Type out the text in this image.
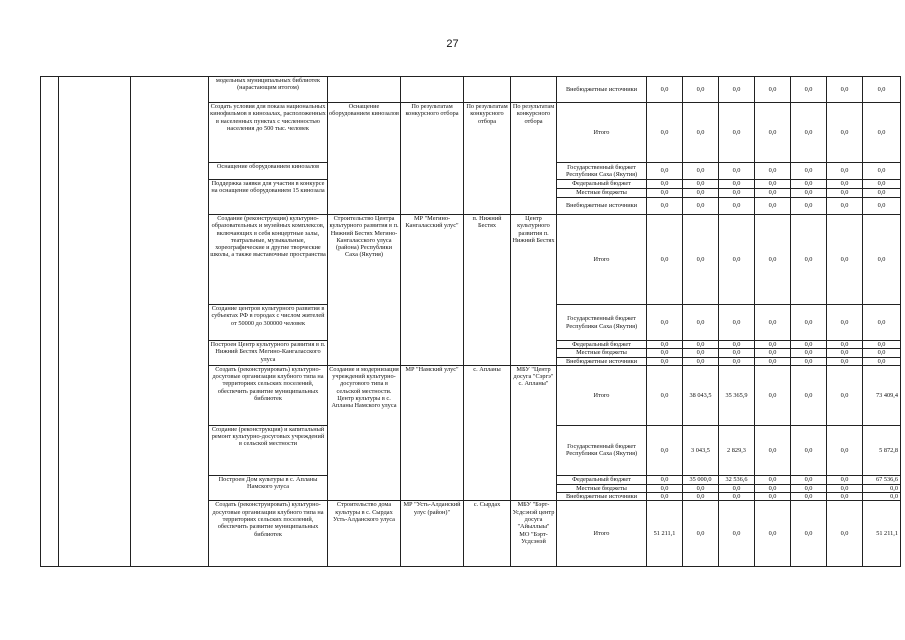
27
			модельных муниципальных библиотек (нарастающим итогом)					Внебюджетные источники	0,0	0,0	0,0	0,0	0,0	0,0	0,0
			Создать условия для показа национальных кинофильмов в кинозалах, расположенных в населенных пунктах с численностью населения до 500 тыс. человек	Оснащение оборудованием кинозалов	По результатам конкурсного отбора	По результатам конкурсного отбора	По результатам конкурсного отбора	Итого	0,0	0,0	0,0	0,0	0,0	0,0	0,0
			Оснащение оборудованием кинозалов					Государственный бюджет Республики Саха (Якутия)	0,0	0,0	0,0	0,0	0,0	0,0	0,0
			Поддержка заявки для участия в конкурсе на оснащение оборудованием 15 кинозала					Федеральный бюджет	0,0	0,0	0,0	0,0	0,0	0,0	0,0
								Местные бюджеты	0,0	0,0	0,0	0,0	0,0	0,0	0,0
								Внебюджетные источники	0,0	0,0	0,0	0,0	0,0	0,0	0,0
			Создание (реконструкция) культурно-образовательных и музейных комплексов, включающих в себя концертные залы, театральные, музыкальные, хореографические и другие творческие школы, а также выставочные пространства	Строительство Центра культурного развития в п. Нижний Бестях Мегино-Кангаласского улуса (района) Республики Саха (Якутия)	МР "Мегино-Кангаласский улус"	п. Нижний Бестях	Центр культурного развития п. Нижний Бестях	Итого	0,0	0,0	0,0	0,0	0,0	0,0	0,0
			Создание центров культурного развития в субъектах РФ в городах с числом жителей от 50000 до 300000 человек					Государственный бюджет Республики Саха (Якутия)	0,0	0,0	0,0	0,0	0,0	0,0	0,0
			Построен Центр культурного развития в п. Нижний Бестях Мегино-Кангаласского улуса					Федеральный бюджет	0,0	0,0	0,0	0,0	0,0	0,0	0,0
								Местные бюджеты	0,0	0,0	0,0	0,0	0,0	0,0	0,0
								Внебюджетные источники	0,0	0,0	0,0	0,0	0,0	0,0	0,0
			Создать (реконструировать) культурно-досуговые организации клубного типа на территориях сельских поселений, обеспечить развитие муниципальных библиотек	Создание и модернизация учреждений культурно-досугового типа в сельской местности. Центр культуры в с. Апланы Намского улуса	МР "Намский улус"	с. Апланы	МБУ "Центр досуга "Сэргэ" с. Апланы"	Итого	0,0	38 043,5	35 365,9	0,0	0,0	0,0	73 409,4
			Создание (реконструкция) и капитальный ремонт культурно-досуговых учреждений в сельской местности					Государственный бюджет Республики Саха (Якутия)	0,0	3 043,5	2 829,3	0,0	0,0	0,0	5 872,8
			Построен Дом культуры в с. Апланы Намского улуса					Федеральный бюджет	0,0	35 000,0	32 536,6	0,0	0,0	0,0	67 536,6
								Местные бюджеты	0,0	0,0	0,0	0,0	0,0	0,0	0,0
								Внебюджетные источники	0,0	0,0	0,0	0,0	0,0	0,0	0,0
			Создать (реконструировать) культурно-досуговые организации клубного типа на территориях сельских поселений, обеспечить развитие муниципальных библиотек	Строительство дома культуры в с. Сырдах Усть-Алданского улуса	МР "Усть-Алданский улус (район)"	с. Сырдах	МБУ "Бэрт-Усдсэнэй центр досуга "Айыллыы" МО "Бэрт-Усдсэнэй	Итого	51 211,1	0,0	0,0	0,0	0,0	0,0	51 211,1
